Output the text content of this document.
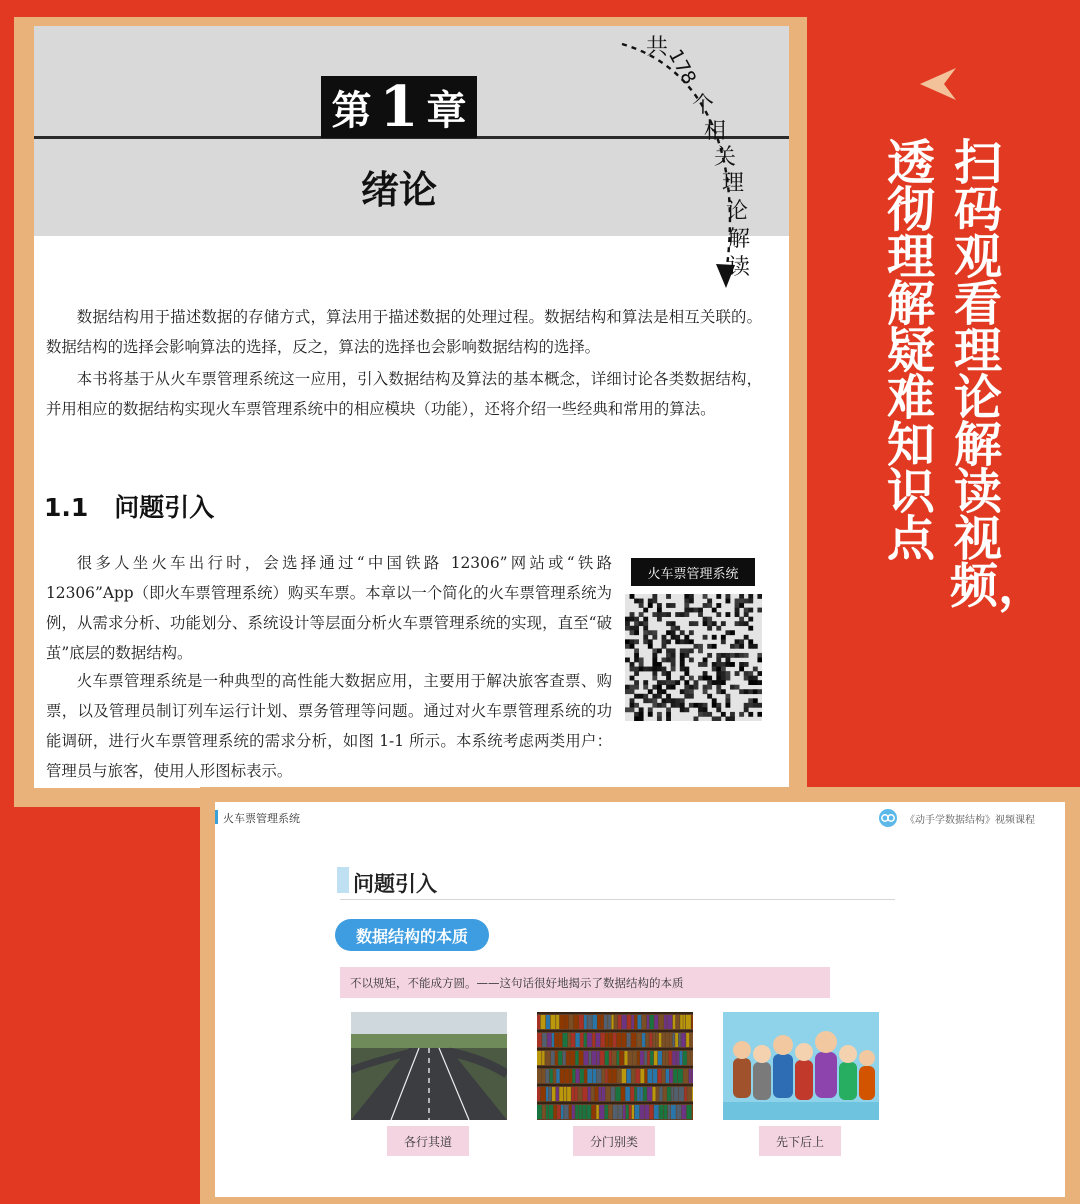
第 1 章
绪论
共
178
个
相
关
理
论
解
读

数据结构用于描述数据的存储方式，算法用于描述数据的处理过程。数据结构和算法是相互关联的。数据结构的选择会影响算法的选择，反之，算法的选择也会影响数据结构的选择。

本书将基于从火车票管理系统这一应用，引入数据结构及算法的基本概念，详细讨论各类数据结构，并用相应的数据结构实现火车票管理系统中的相应模块（功能），还将介绍一些经典和常用的算法。

1.1 问题引入

很多人坐火车出行时，会选择通过“中国铁路 12306”网站或“铁路 12306”App（即火车票管理系统）购买车票。本章以一个简化的火车票管理系统为例，从需求分析、功能划分、系统设计等层面分析火车票管理系统的实现，直至“破茧”底层的数据结构。

火车票管理系统是一种典型的高性能大数据应用，主要用于解决旅客查票、购票，以及管理员制订列车运行计划、票务管理等问题。通过对火车票管理系统的功能调研，进行火车票管理系统的需求分析，如图 1-1 所示。本系统考虑两类用户：管理员与旅客，使用人形图标表示。

火车票管理系统
扫码观看理论解读视频，
透彻理解疑难知识点
火车票管理系统	《动手学数据结构》视频课程
问题引入
数据结构的本质
不以规矩，不能成方圆。——这句话很好地揭示了数据结构的本质
各行其道	分门别类	先下后上
